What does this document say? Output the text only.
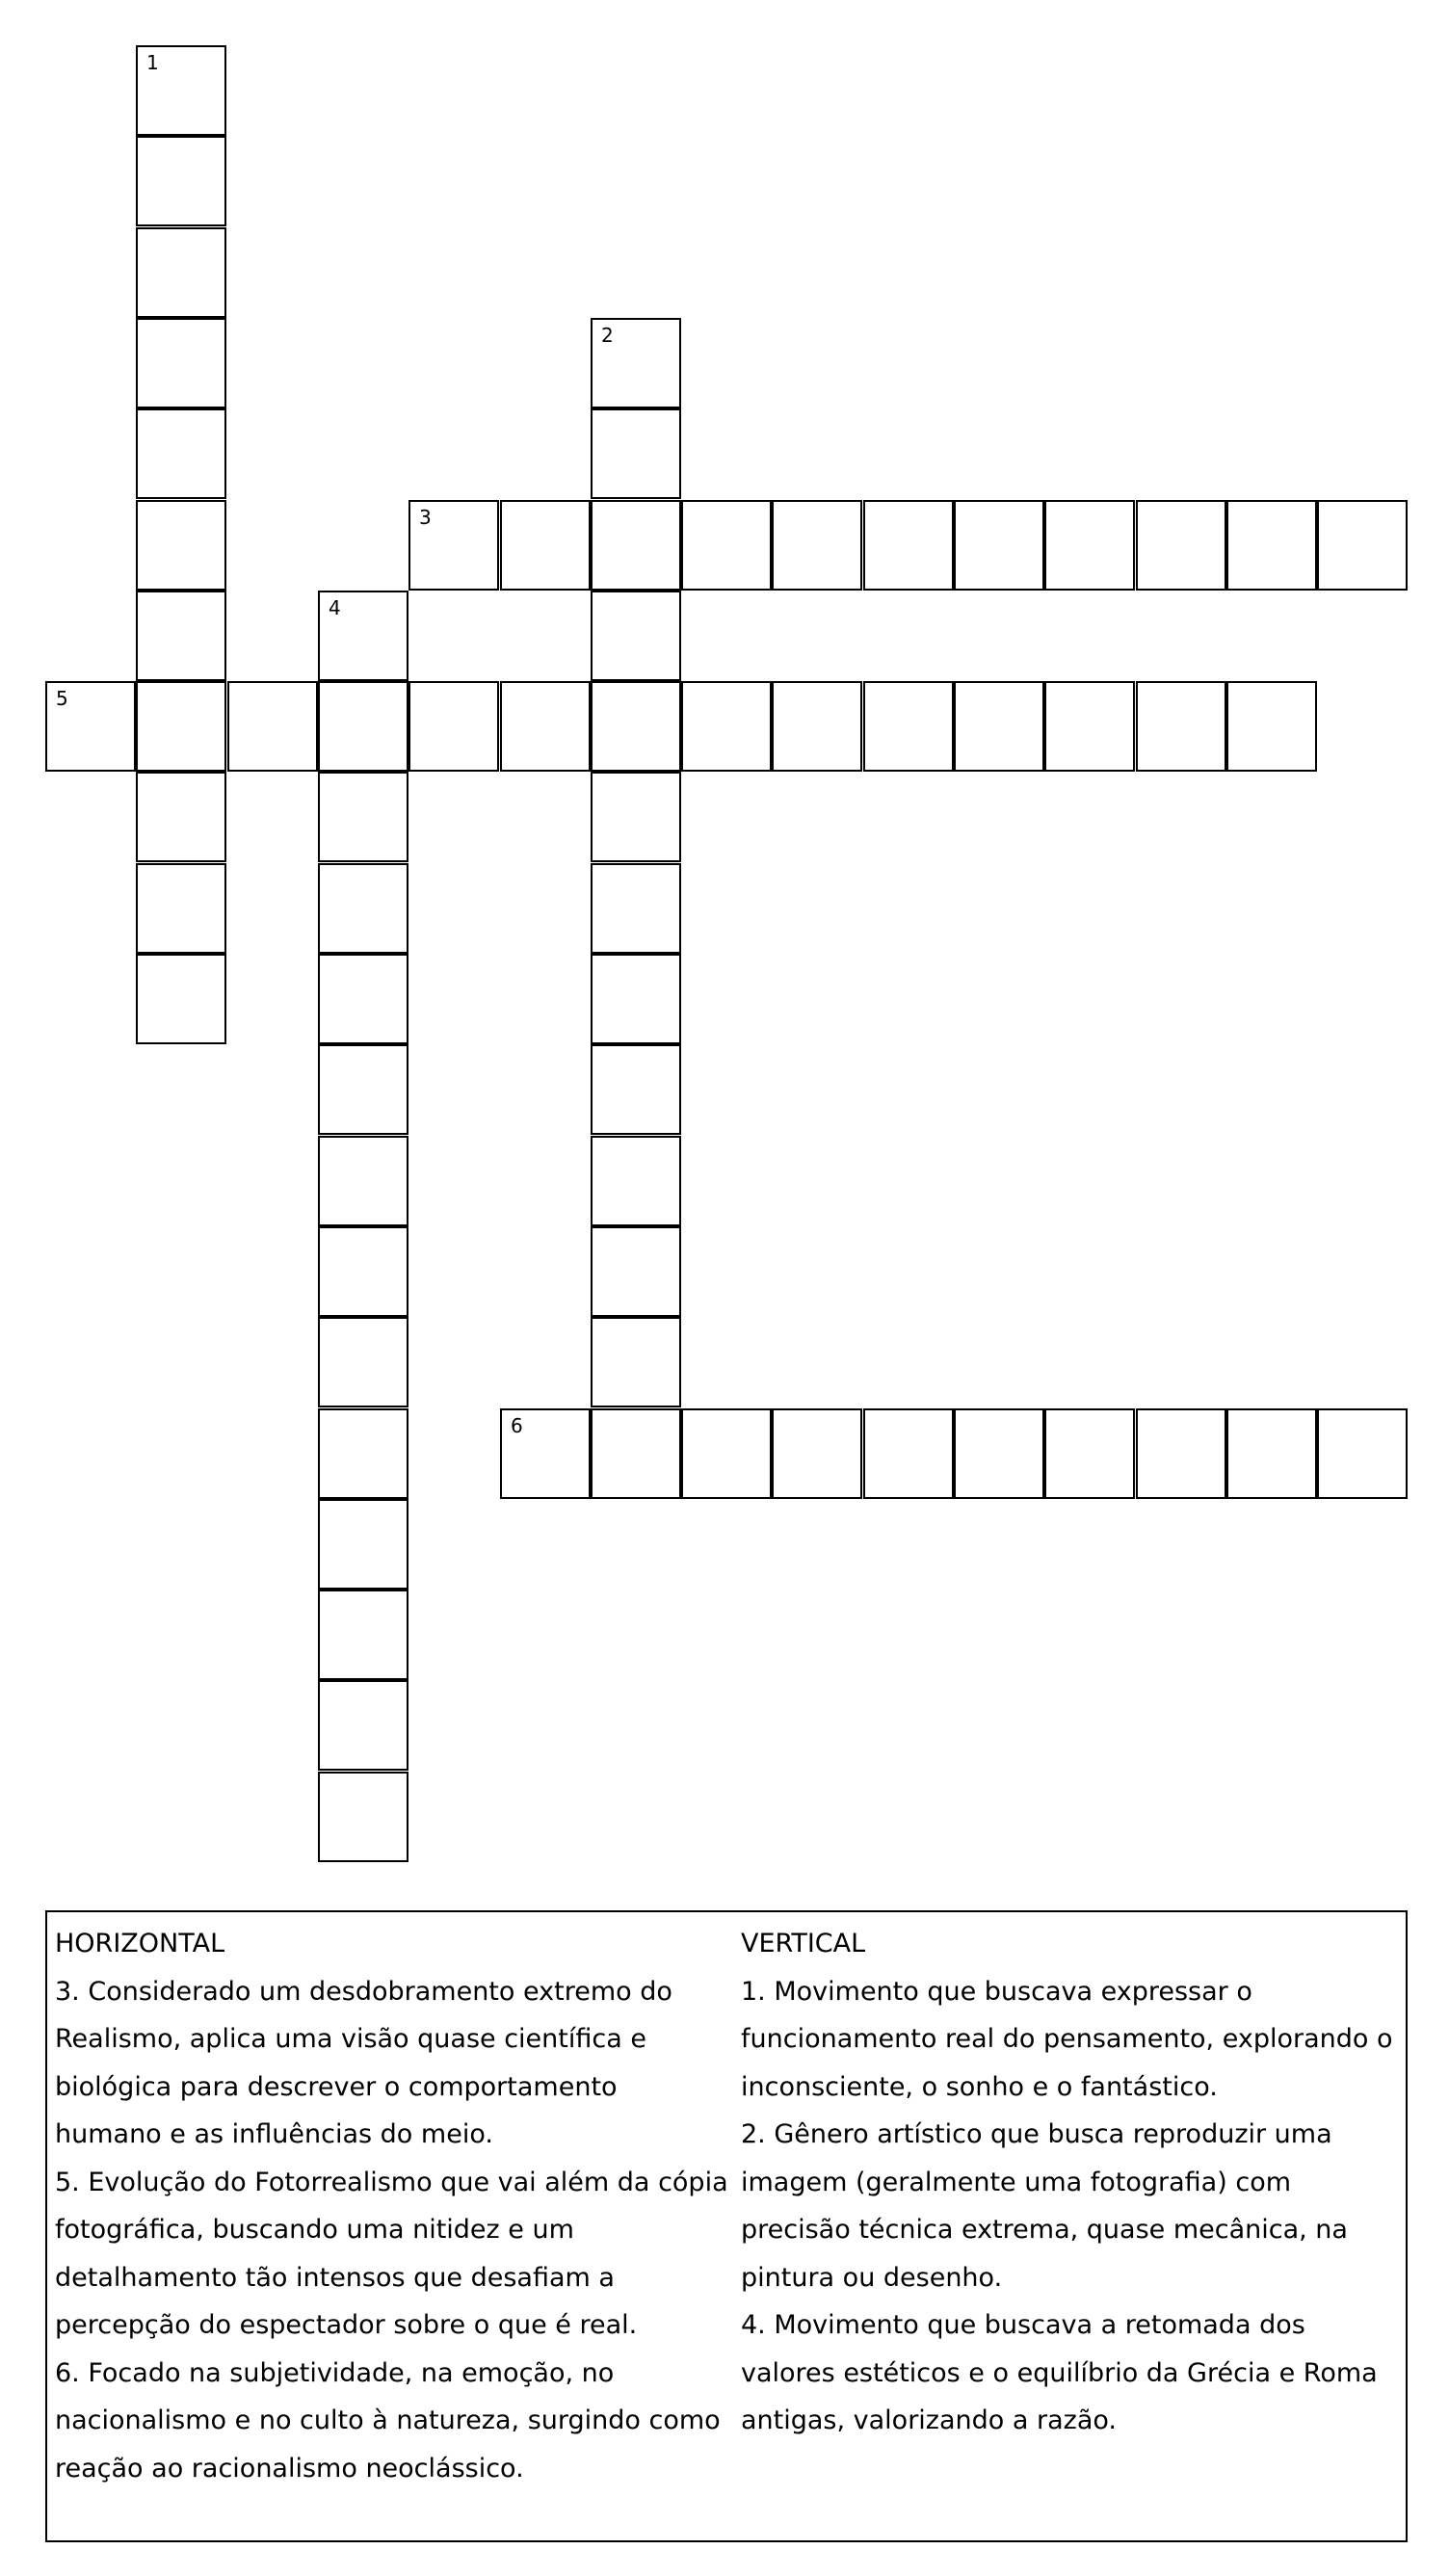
1
2
3
4
5
6
HORIZONTAL
3. Considerado um desdobramento extremo do Realismo, aplica uma visão quase científica e biológica para descrever o comportamento humano e as influências do meio.
5. Evolução do Fotorrealismo que vai além da cópia fotográfica, buscando uma nitidez e um detalhamento tão intensos que desafiam a percepção do espectador sobre o que é real.
6. Focado na subjetividade, na emoção, no nacionalismo e no culto à natureza, surgindo como reação ao racionalismo neoclássico.
VERTICAL
1. Movimento que buscava expressar o funcionamento real do pensamento, explorando o inconsciente, o sonho e o fantástico.
2. Gênero artístico que busca reproduzir uma imagem (geralmente uma fotografia) com precisão técnica extrema, quase mecânica, na pintura ou desenho.
4. Movimento que buscava a retomada dos valores estéticos e o equilíbrio da Grécia e Roma antigas, valorizando a razão.
